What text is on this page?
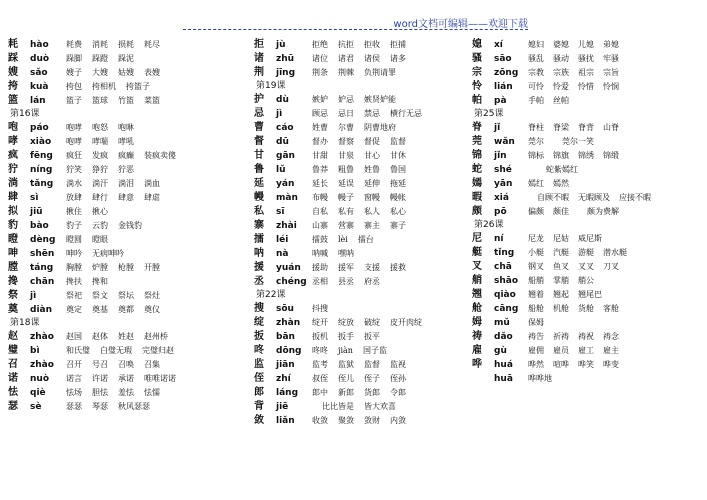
word文档可编辑——欢迎下载
耗 hào 耗费 消耗 损耗 耗尽
踩 duò 跺脚 跺蹬 跺泥
嫂 sǎo 嫂子 大嫂 姑嫂 表嫂
挎 kuà 挎包 挎相机 挎篮子
篮 lán	篮子 篮球 竹篮 菜篮
第16课
咆 páo 咆哮 咆怒 咆咻
哮 xiào 咆哮 哮喘 哮吼
疯 fēng 疯狂 发疯 疯癫 装疯卖傻
狞 níng 狞笑 狰狞 狞恶
淌 tǎng 淌水 淌汗 淌泪 淌血
肆 sì	放肆 肆行 肆意 肆虐
拟 jiū	揪住 揪心
豹 bào 豹子 云豹 金钱豹
瞪 dèng 瞪圆 瞪眼
呻 shēn 呻吟 无病呻吟
膛 táng 胸膛 炉膛 枪膛 开膛
搀 chān 搀扶 搀和
祭 jì	祭祀 祭文 祭坛 祭灶
奠 diàn 奠定 奠基 奠都 奠仪
第18课
赵 zhào 赵国 赵体 姓赵 赵州桥
璧 bì	和氏璧 白璧无瑕 完璧归赵
召 zhào 召开 号召 召唤 召集
诺 nuò 诺言 许诺 承诺 唯唯诺诺
怯 qiè	怯场 胆怯 羞怯 怯懦
瑟 sè	瑟瑟 琴瑟 秋风瑟瑟
拒 jù	拒绝 抗拒 拒收 拒捕
诸 zhū 诸位 诸君 诸侯 诸多
荆 jīng 荆条 荆棘 负荆请罪
第19课
护 dù	嫉妒 妒忌 嫉贤妒能
忌 jì	顾忌 忌日 禁忌 横行无忌
曹 cáo 姓曹 尔曹 阴曹地府
督 dū	督办 督察 督促 监督
甘 gān 甘甜 甘泉 甘心 甘休
鲁 lǔ	鲁莽 粗鲁 姓鲁 鲁国
延 yán 延长 延误 延伸 拖延
幔 màn 布幔 幔子 窗幔 幔帐
私 sī	自私 私有 私人 私心
寨 zhài 山寨 营寨 寨主 寨子
擂 léi	擂鼓 lèi 擂台
呐 nà	呐喊 嘿呐
援 yuán 援助 援军 支援 援救
丞 chéng 丞相 县丞 府丞
第22课
搜 sōu 抖搜
绽 zhàn 绽开 绽放 破绽 皮开肉绽
扳 bān 扳机 扳手 扳平
咚 dōng 咚咚 jiàn 国子监
监 jiān 监考 监狱 监督 监视
侄 zhí	叔侄 侄儿 侄子 侄孙
郎 láng 郎中 新郎 货郎 令郎
背 jiē	比比皆是 皆大欢喜
敛 liǎn 收敛 聚敛 敛财 内敛
媳 xí	媳妇 婆媳 儿媳 弟媳
骚 sāo 骚乱 骚动 骚扰 牢骚
宗 zōng 宗教 宗族 祖宗 宗旨
怜 lián 可怜 怜爱 怜惜 怜悯
帕 pà	手帕 丝帕
第25课
脊 jǐ	脊柱 脊梁 脊背 山脊
莞 wǎn 莞尔 莞尔一笑
锦 jǐn	锦标 锦旗 锦绣 锦缎
蛇 shé	蛇紫嫣红
嫣 yān 嫣红 嫣然
暇 xiá	自顾不暇 无暇顾及 应接不暇
颇 pō	偏颇 颇佳 颇为费解
第26课
尼 ní	尼龙 尼姑 威尼斯
艇 tǐng 小艇 汽艇 游艇 潜水艇
叉 chā 钢叉 鱼叉 叉叉 刀叉
艄 shāo 船艄 掌艄 艄公
翘 qiào 翘着 翘起 翘尾巴
舱 cāng 船舱 机舱 货舱 客舱
姆 mǔ 保姆
祷 dǎo 祷告 祈祷 祷祝 祷念
雇 gù	雇佣 雇员 雇工 雇主
哗 huá 哗然 喧哗 哗笑 哗变
huā 哗哗地
